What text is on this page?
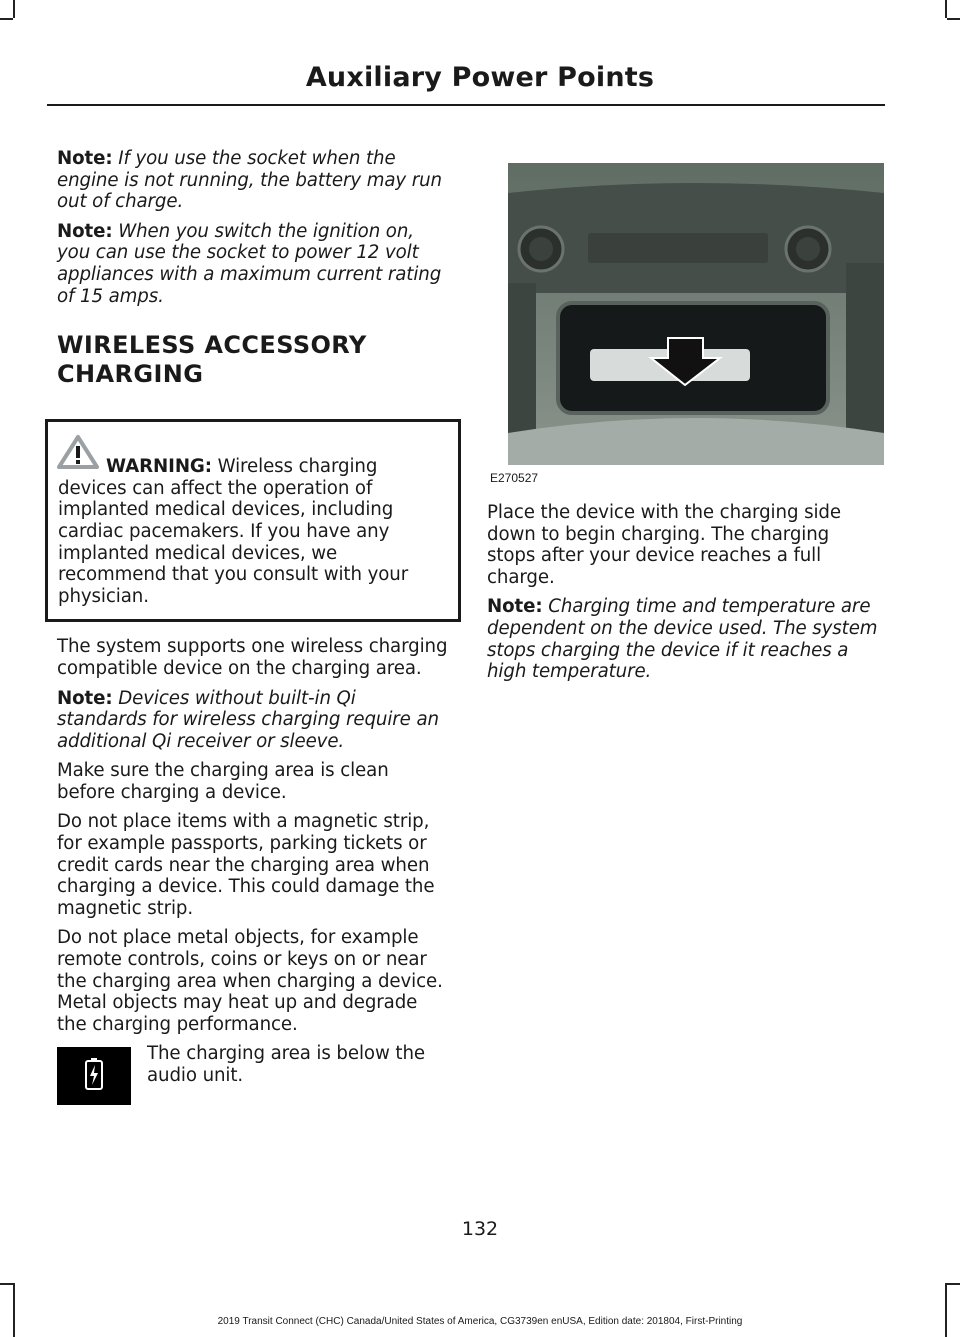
Auxiliary Power Points

Note: If you use the socket when the engine is not running, the battery may run out of charge.

Note: When you switch the ignition on, you can use the socket to power 12 volt appliances with a maximum current rating of 15 amps.

WIRELESS ACCESSORY
CHARGING

WARNING: Wireless charging devices can affect the operation of implanted medical devices, including cardiac pacemakers. If you have any implanted medical devices, we recommend that you consult with your physician.

The system supports one wireless charging compatible device on the charging area.

Note: Devices without built-in Qi standards for wireless charging require an additional Qi receiver or sleeve.

Make sure the charging area is clean before charging a device.

Do not place items with a magnetic strip, for example passports, parking tickets or credit cards near the charging area when charging a device. This could damage the magnetic strip.

Do not place metal objects, for example remote controls, coins or keys on or near the charging area when charging a device. Metal objects may heat up and degrade the charging performance.

The charging area is below the audio unit.

E270527

Place the device with the charging side down to begin charging. The charging stops after your device reaches a full charge.

Note: Charging time and temperature are dependent on the device used. The system stops charging the device if it reaches a high temperature.

132
2019 Transit Connect (CHC) Canada/United States of America, CG3739en enUSA, Edition date: 201804, First-Printing
